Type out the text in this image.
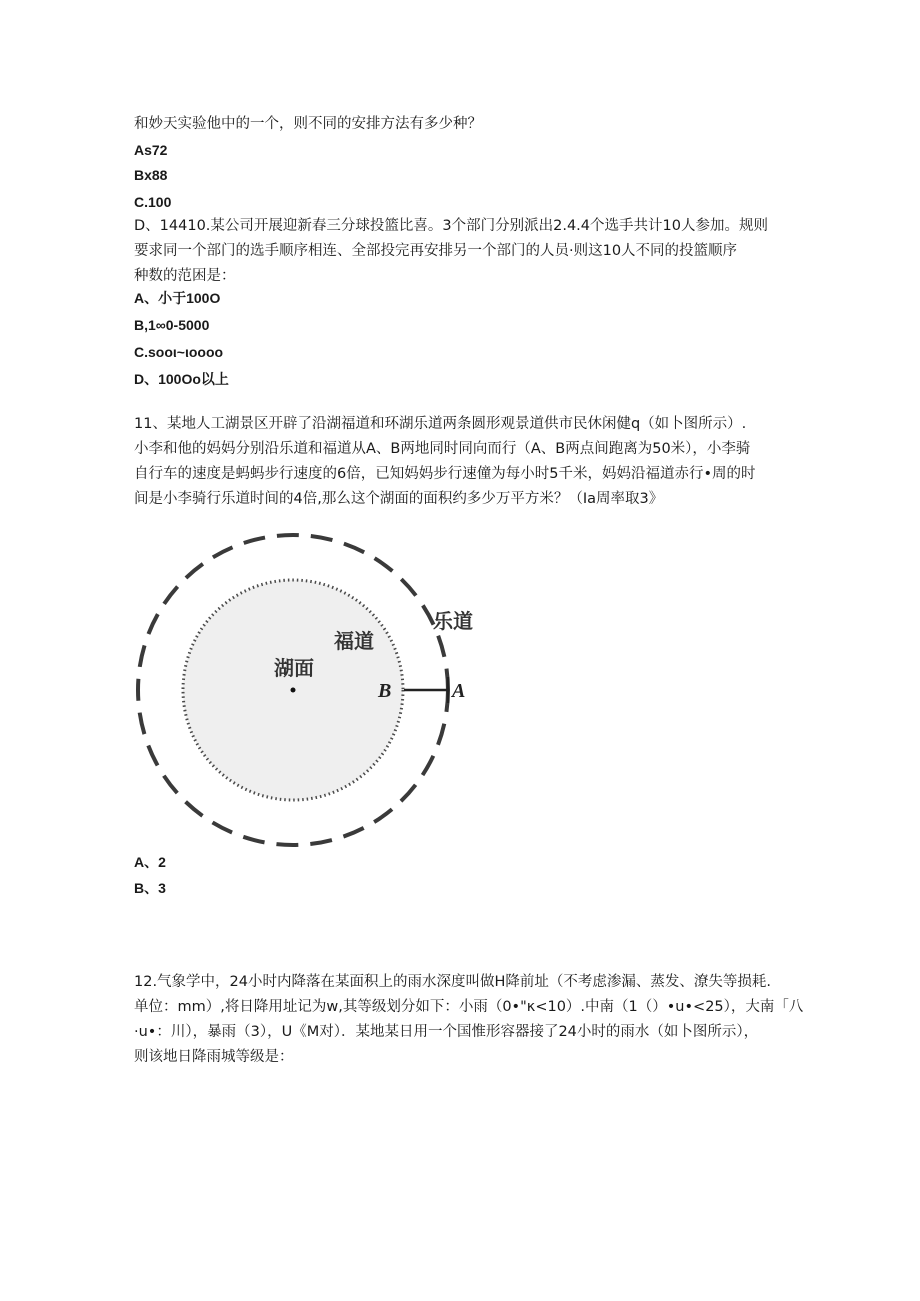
和妙天实验他中的一个，则不同的安排方法有多少种？
As72
Bx88
C.100
D、14410.某公司开展迎新春三分球投篮比喜。3个部门分别派出2.4.4个选手共计10人参加。规则
要求同一个部门的选手顺序相连、全部投完再安排另一个部门的人员·则这10人不同的投篮顺序
种数的范困是：
A、小于100O
B,1∞0-5000
C.sooι~ιoooo
D、100Oo以上
11、某地人工湖景区开辟了沿湖福道和环湖乐道两条圆形观景道供市民休闲健q（如卜图所示）.
小李和他的妈妈分别沿乐道和福道从A、B两地同时同向而行（A、B两点间跑离为50米），小李骑
自行车的速度是蚂蚂步行速度的6倍，已知妈妈步行速僮为每小时5千米，妈妈沿福道赤行•周的时
间是小李骑行乐道时间的4倍,那么这个湖面的面积约多少万平方米？（Ia周率取3》
乐道
福道
湖面
B	A
A、2
B、3
12.气象学中，24小时内降落在某面积上的雨水深度叫做H降前址（不考虑渗漏、蒸发、潦失等损耗.
单位：mm）,将日降用址记为w,其等级划分如下：小雨（0•"κ<10）.中南（1（）•u•<25），大南「八
·u•：川），暴雨（3），U《M对）．某地某日用一个国惟形容器接了24小时的雨水（如卜图所示），
则该地日降雨城等级是：
